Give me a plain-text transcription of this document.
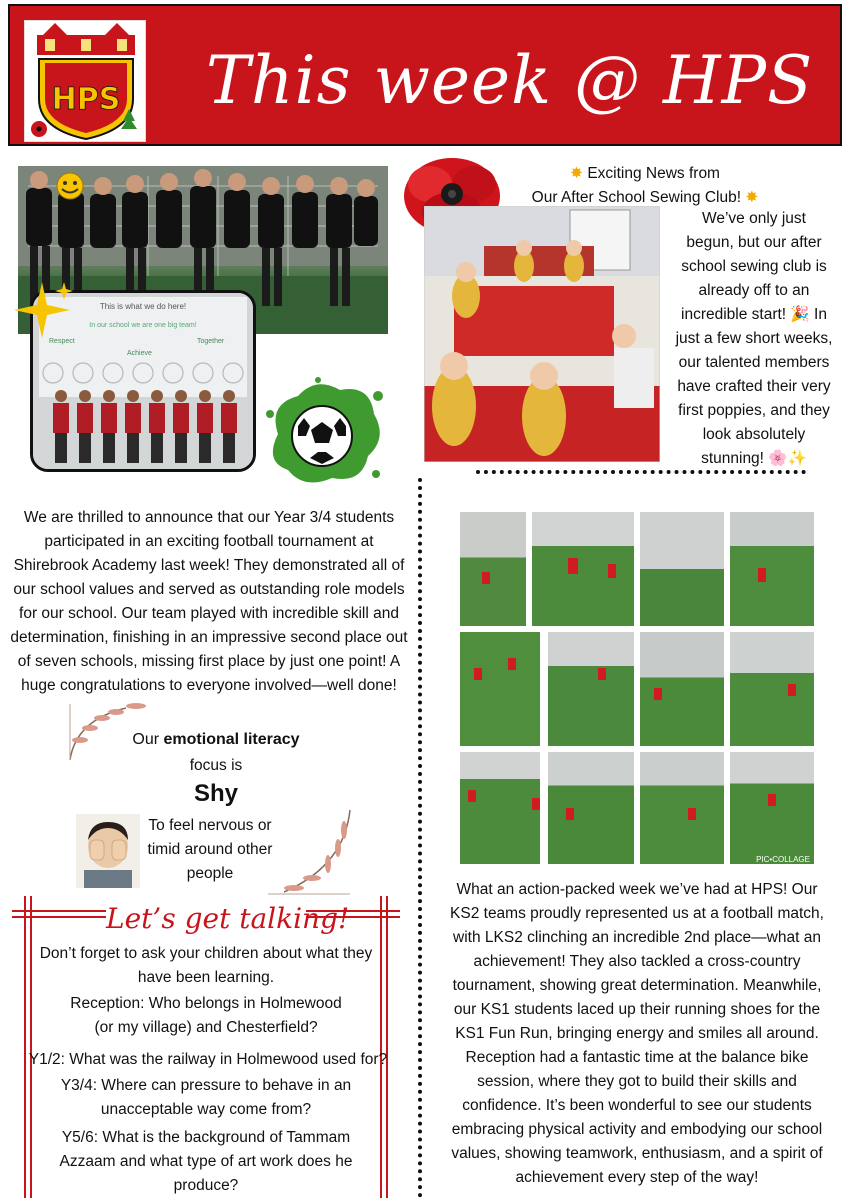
HPS This week @ HPS
This is what we do here!
In our school we are one big team!
Respect
Achieve
Together
✸ Exciting News from
Our After School Sewing Club! ✸
We’ve only just
begun, but our after
school sewing club is
already off to an
incredible start! 🎉 In
just a few short weeks,
our talented members
have crafted their very
first poppies, and they
look absolutely
stunning! 🌸✨
We are thrilled to announce that our Year 3/4 students
participated in an exciting football tournament at
Shirebrook Academy last week! They demonstrated all of
our school values and served as outstanding role models
for our school. Our team played with incredible skill and
determination, finishing in an impressive second place out
of seven schools, missing first place by just one point! A
huge congratulations to everyone involved—well done!
Our emotional literacy
focus is
Shy
To feel nervous or
timid around other
people
Let’s get talking!
Don’t forget to ask your children about what they
have been learning.
Reception: Who belongs in Holmewood
(or my village) and Chesterfield?
Y1/2: What was the railway in Holmewood used for?
Y3/4: Where can pressure to behave in an
unacceptable way come from?
Y5/6: What is the background of Tammam
Azzaam and what type of art work does he
produce?
PIC•COLLAGE
What an action-packed week we’ve had at HPS! Our
KS2 teams proudly represented us at a football match,
with LKS2 clinching an incredible 2nd place—what an
achievement! They also tackled a cross-country
tournament, showing great determination. Meanwhile,
our KS1 students laced up their running shoes for the
KS1 Fun Run, bringing energy and smiles all around.
Reception had a fantastic time at the balance bike
session, where they got to build their skills and
confidence. It’s been wonderful to see our students
embracing physical activity and embodying our school
values, showing teamwork, enthusiasm, and a spirit of
achievement every step of the way!
